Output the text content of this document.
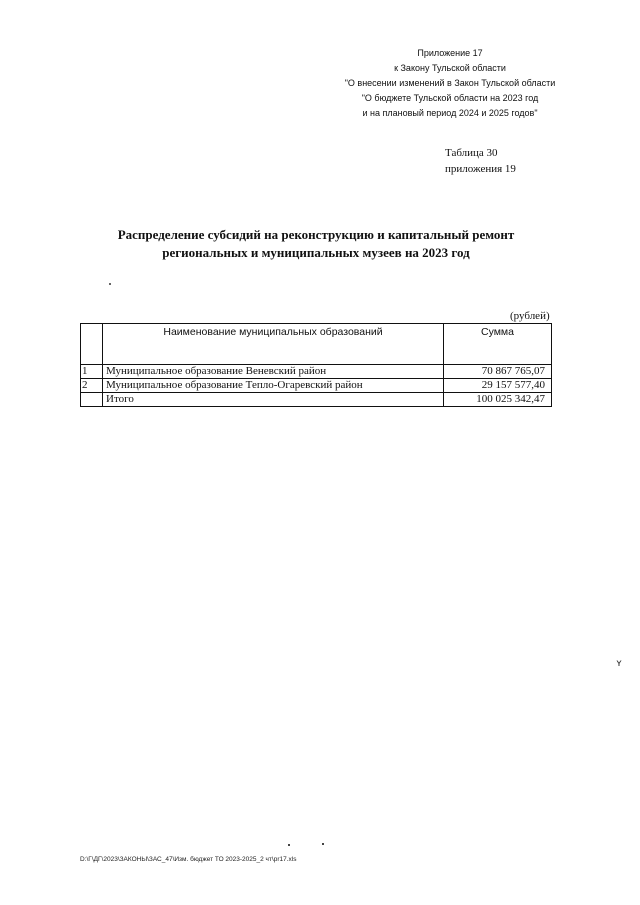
Приложение 17
к Закону Тульской области
"О внесении изменений в Закон Тульской области
"О бюджете Тульской области на 2023 год
и на плановый период 2024 и 2025 годов"
Таблица 30
приложения 19
Распределение субсидий на реконструкцию и капитальный ремонт
региональных и муниципальных музеев на 2023 год
(рублей)
	Наименование муниципальных образований	Сумма
1	Муниципальное образование Веневский район	70 867 765,07
2	Муниципальное образование Тепло-Огаревский район	29 157 577,40
	Итого	100 025 342,47
ʏ
D:\Г\ДГ\2023\ЗАКОНЫ\ЗАС_47\Изм. бюджет ТО 2023-2025_2 чт\pr17.xls
